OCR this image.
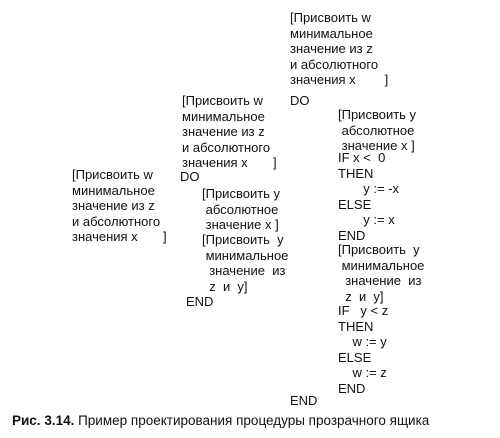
[Присвоить w
минимальное
значение из z
и абсолютного
значения x       ]
[Присвоить w
минимальное
значение из z
и абсолютного
значения x       ]
DO
[Присвоить y
абсолютное
значение x ]
[Присвоить  y
минимальное
значение  из
z  и  y]
END
[Присвоить w
минимальное
значение из z
и абсолютного
значения x        ]
DO
[Присвоить y
абсолютное
значение x ]
IF x <  0
THEN
y := -x
ELSE
y := x
END
[Присвоить  y
минимальное
значение  из
z  и  y]
IF   y < z
THEN
w := y
ELSE
w := z
END
END
Рис. 3.14. Пример проектирования процедуры прозрачного ящика
